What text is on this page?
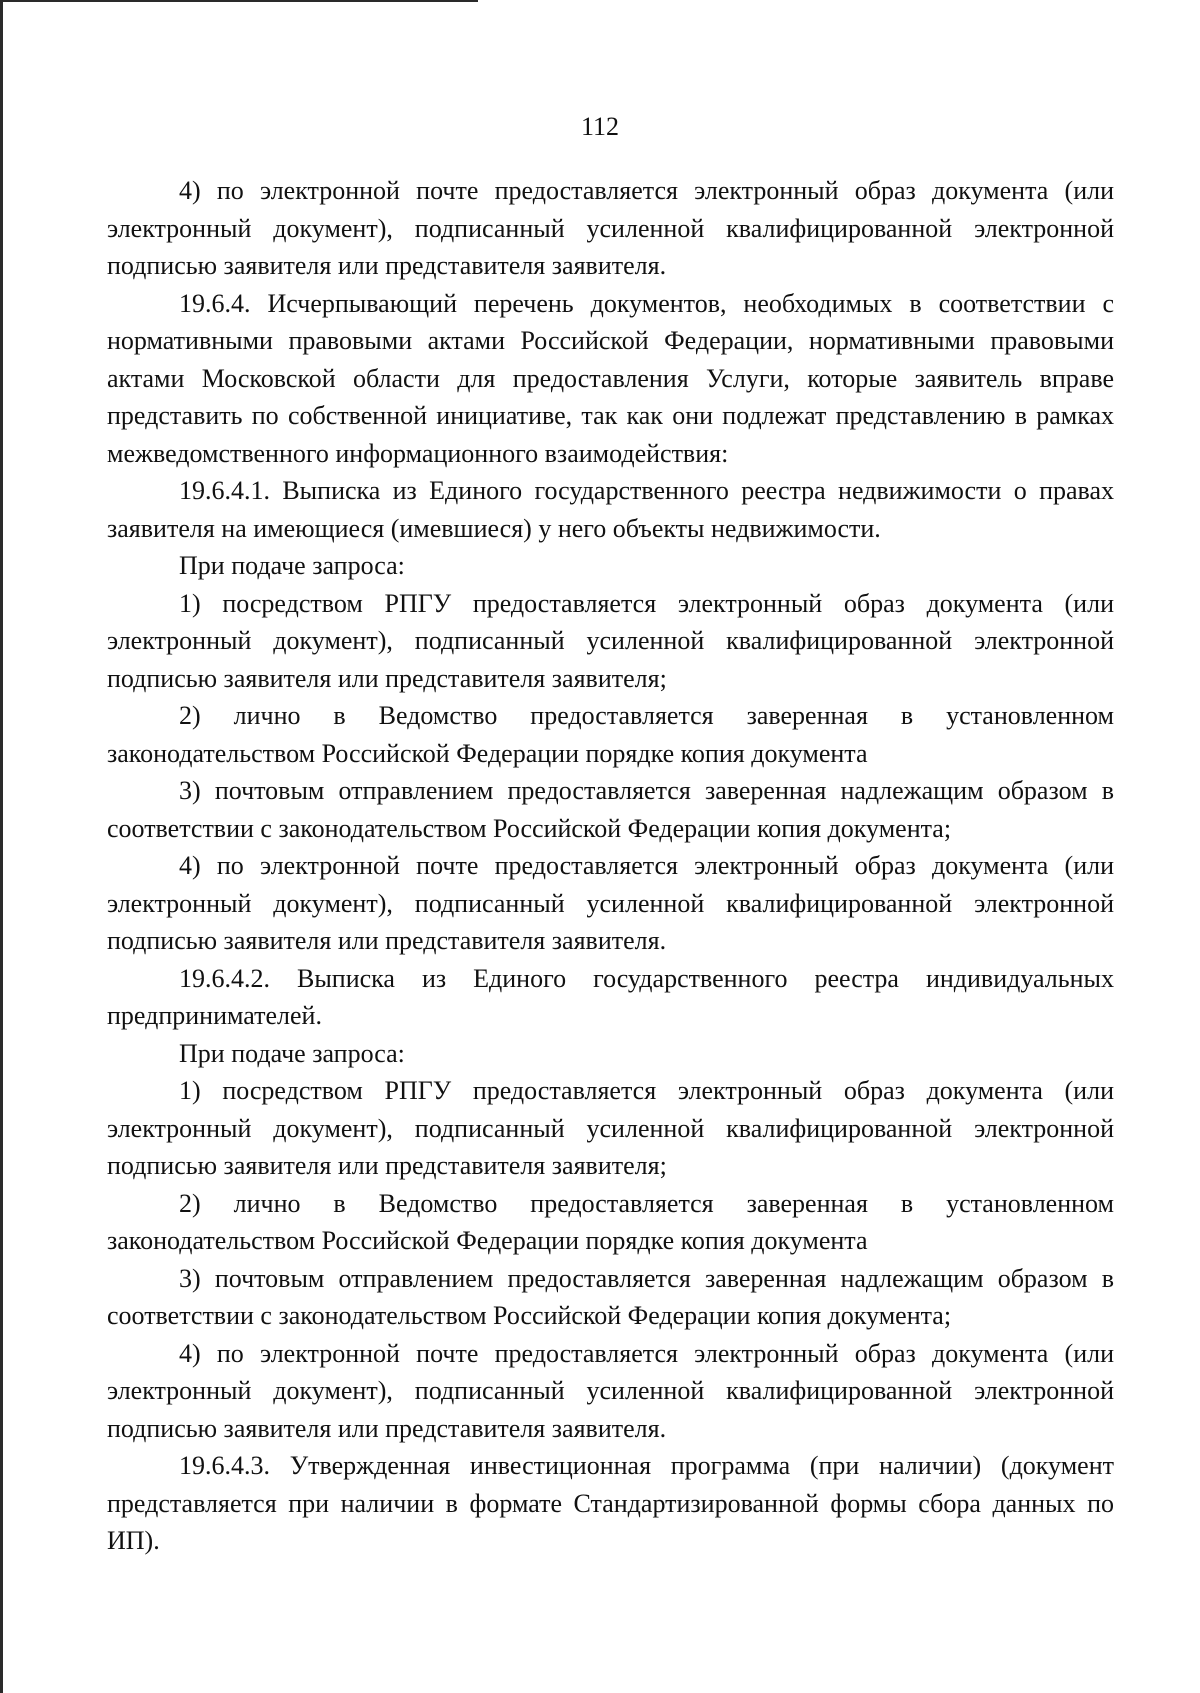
112

4) по электронной почте предоставляется электронный образ документа (или электронный документ), подписанный усиленной квалифицированной электронной подписью заявителя или представителя заявителя.

19.6.4. Исчерпывающий перечень документов, необходимых в соответствии с нормативными правовыми актами Российской Федерации, нормативными правовыми актами Московской области для предоставления Услуги, которые заявитель вправе представить по собственной инициативе, так как они подлежат представлению в рамках межведомственного информационного взаимодействия:

19.6.4.1. Выписка из Единого государственного реестра недвижимости о правах заявителя на имеющиеся (имевшиеся) у него объекты недвижимости.

При подаче запроса:

1) посредством РПГУ предоставляется электронный образ документа (или электронный документ), подписанный усиленной квалифицированной электронной подписью заявителя или представителя заявителя;

2) лично в Ведомство предоставляется заверенная в установленном законодательством Российской Федерации порядке копия документа

3) почтовым отправлением предоставляется заверенная надлежащим образом в соответствии с законодательством Российской Федерации копия документа;

4) по электронной почте предоставляется электронный образ документа (или электронный документ), подписанный усиленной квалифицированной электронной подписью заявителя или представителя заявителя.

19.6.4.2. Выписка из Единого государственного реестра индивидуальных предпринимателей.

При подаче запроса:

1) посредством РПГУ предоставляется электронный образ документа (или электронный документ), подписанный усиленной квалифицированной электронной подписью заявителя или представителя заявителя;

2) лично в Ведомство предоставляется заверенная в установленном законодательством Российской Федерации порядке копия документа

3) почтовым отправлением предоставляется заверенная надлежащим образом в соответствии с законодательством Российской Федерации копия документа;

4) по электронной почте предоставляется электронный образ документа (или электронный документ), подписанный усиленной квалифицированной электронной подписью заявителя или представителя заявителя.

19.6.4.3. Утвержденная инвестиционная программа (при наличии) (документ представляется при наличии в формате Стандартизированной формы сбора данных по ИП).
